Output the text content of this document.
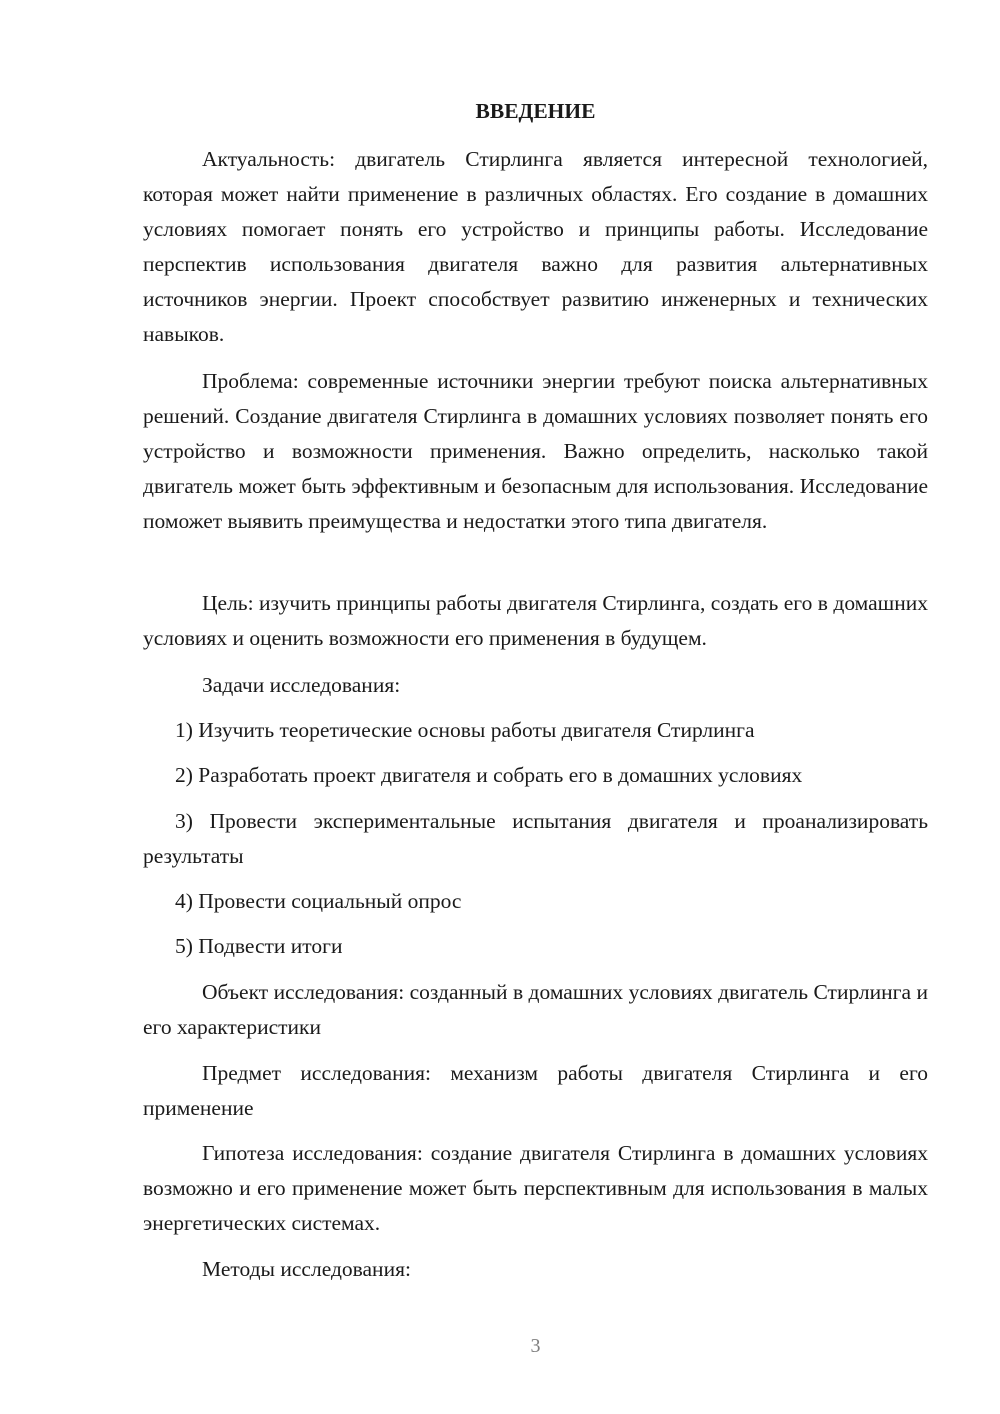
ВВЕДЕНИЕ

Актуальность: двигатель Стирлинга является интересной технологией, которая может найти применение в различных областях. Его создание в домашних условиях помогает понять его устройство и принципы работы. Исследование перспектив использования двигателя важно для развития альтернативных источников энергии. Проект способствует развитию инженерных и технических навыков.

Проблема: современные источники энергии требуют поиска альтернативных решений. Создание двигателя Стирлинга в домашних условиях позволяет понять его устройство и возможности применения. Важно определить, насколько такой двигатель может быть эффективным и безопасным для использования. Исследование поможет выявить преимущества и недостатки этого типа двигателя.

Цель: изучить принципы работы двигателя Стирлинга, создать его в домашних условиях и оценить возможности его применения в будущем.

Задачи исследования:

1) Изучить теоретические основы работы двигателя Стирлинга

2) Разработать проект двигателя и собрать его в домашних условиях

3) Провести экспериментальные испытания двигателя и проанализировать результаты

4) Провести социальный опрос

5) Подвести итоги

Объект исследования: созданный в домашних условиях двигатель Стирлинга и его характеристики

Предмет исследования: механизм работы двигателя Стирлинга и его применение

Гипотеза исследования: создание двигателя Стирлинга в домашних условиях возможно и его применение может быть перспективным для использования в малых энергетических системах.

Методы исследования:

3
